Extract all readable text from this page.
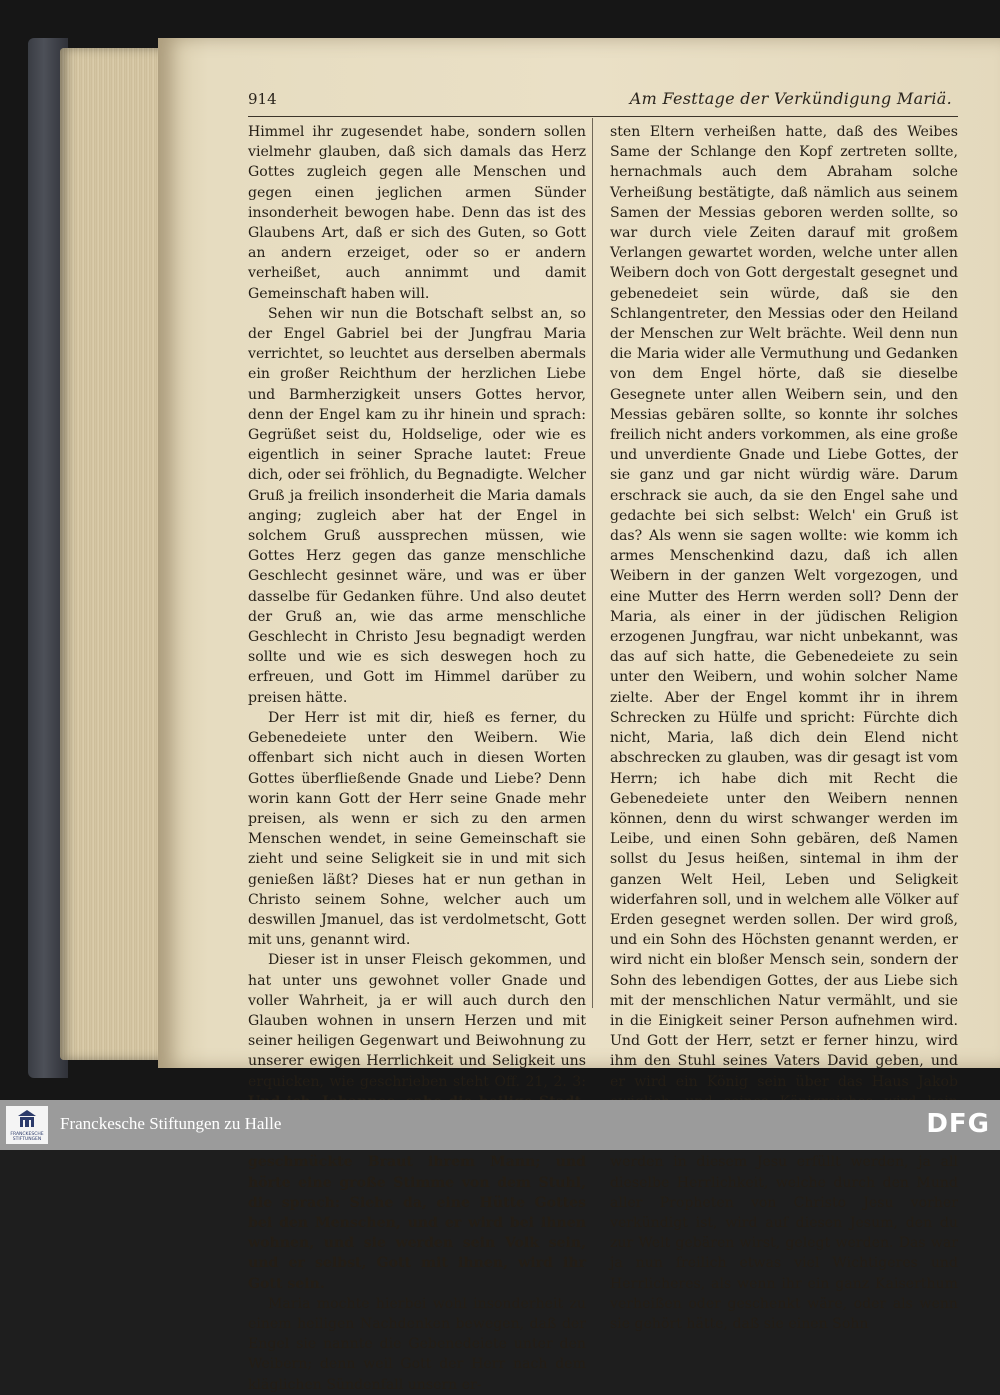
914	Am Festtage der Verkündigung Mariä.

Himmel ihr zugesendet habe, sondern sollen vielmehr glauben, daß sich damals das Herz Gottes zugleich gegen alle Menschen und gegen einen jeglichen armen Sünder insonderheit bewogen habe. Denn das ist des Glaubens Art, daß er sich des Guten, so Gott an andern erzeiget, oder so er andern verheißet, auch annimmt und damit Gemeinschaft haben will.

Sehen wir nun die Botschaft selbst an, so der Engel Gabriel bei der Jungfrau Maria verrichtet, so leuchtet aus derselben abermals ein großer Reichthum der herzlichen Liebe und Barmherzigkeit unsers Gottes hervor, denn der Engel kam zu ihr hinein und sprach: Gegrüßet seist du, Holdselige, oder wie es eigentlich in seiner Sprache lautet: Freue dich, oder sei fröhlich, du Begnadigte. Welcher Gruß ja freilich insonderheit die Maria damals anging; zugleich aber hat der Engel in solchem Gruß aussprechen müssen, wie Gottes Herz gegen das ganze menschliche Geschlecht gesinnet wäre, und was er über dasselbe für Gedanken führe. Und also deutet der Gruß an, wie das arme menschliche Geschlecht in Christo Jesu begnadigt werden sollte und wie es sich deswegen hoch zu erfreuen, und Gott im Himmel darüber zu preisen hätte.

Der Herr ist mit dir, hieß es ferner, du Gebenedeiete unter den Weibern. Wie offenbart sich nicht auch in diesen Worten Gottes überfließende Gnade und Liebe? Denn worin kann Gott der Herr seine Gnade mehr preisen, als wenn er sich zu den armen Menschen wendet, in seine Gemeinschaft sie zieht und seine Seligkeit sie in und mit sich genießen läßt? Dieses hat er nun gethan in Christo seinem Sohne, welcher auch um deswillen Jmanuel, das ist verdolmetscht, Gott mit uns, genannt wird.

Dieser ist in unser Fleisch gekommen, und hat unter uns gewohnet voller Gnade und voller Wahrheit, ja er will auch durch den Glauben wohnen in unsern Herzen und mit seiner heiligen Gegenwart und Beiwohnung zu unserer ewigen Herrlichkeit und Seligkeit uns erquicken, wie geschrieben steht Off. 21, 2. 3: geschmückte Braut ihrem Mann; und hörte eine große Stimme von dem Stuhl, die sprach: Siehe da, eine Hütte Gottes bei den Menschen, und er wird bei ihnen wohnen, und sie werden sein Volk sein, und er selbst, Gott mit ihnen, wird ihr Gott sein.

Maria mochte hierbei wohl insonderheit zu einem heiligen Nachdenken bewegen, daß der Engel sie nannte die Gebenedeiete unter den Weibern; denn weil Gott der Herr nach dem kläglichen Sündenfall unsern er-

sten Eltern verheißen hatte, daß des Weibes Same der Schlange den Kopf zertreten sollte, hernachmals auch dem Abraham solche Verheißung bestätigte, daß nämlich aus seinem Samen der Messias geboren werden sollte, so war durch viele Zeiten darauf mit großem Verlangen gewartet worden, welche unter allen Weibern doch von Gott dergestalt gesegnet und gebenedeiet sein würde, daß sie den Schlangentreter, den Messias oder den Heiland der Menschen zur Welt brächte. Weil denn nun die Maria wider alle Vermuthung und Gedanken von dem Engel hörte, daß sie dieselbe Gesegnete unter allen Weibern sein, und den Messias gebären sollte, so konnte ihr solches freilich nicht anders vorkommen, als eine große und unverdiente Gnade und Liebe Gottes, der sie ganz und gar nicht würdig wäre. Darum erschrack sie auch, da sie den Engel sahe und gedachte bei sich selbst: Welch' ein Gruß ist das? Als wenn sie sagen wollte: wie komm ich armes Menschenkind dazu, daß ich allen Weibern in der ganzen Welt vorgezogen, und eine Mutter des Herrn werden soll? Denn der Maria, als einer in der jüdischen Religion erzogenen Jungfrau, war nicht unbekannt, was das auf sich hatte, die Gebenedeiete zu sein unter den Weibern, und wohin solcher Name zielte. Aber der Engel kommt ihr in ihrem Schrecken zu Hülfe und spricht: Fürchte dich nicht, Maria, laß dich dein Elend nicht abschrecken zu glauben, was dir gesagt ist vom Herrn; ich habe dich mit Recht die Gebenedeiete unter den Weibern nennen können, denn du wirst schwanger werden im Leibe, und einen Sohn gebären, deß Namen sollst du Jesus heißen, sintemal in ihm der ganzen Welt Heil, Leben und Seligkeit widerfahren soll, und in welchem alle Völker auf Erden gesegnet werden sollen. Der wird groß, und ein Sohn des Höchsten genannt werden, er wird nicht ein bloßer Mensch sein, sondern der Sohn des lebendigen Gottes, der aus Liebe sich mit der menschlichen Natur vermählt, und sie in die Einigkeit seiner Person aufnehmen wird. Und Gott der Herr, setzt er ferner hinzu, wird ihm den Stuhl seines Vaters David geben, und er wird ein König sein über das Haus Jakob werden in diesem Jesu erfüllt werden, ja all dieselbe Herrlichkeit, welche durch den Mund aller Propheten von Christo Jesu vorher verkündigt ist, wird auf diesen Jesum, den du zur Welt gebären wirst, gelegt werden. Das war ja nun freilich etwas viel Wichtigeres und Herrlicheres, als wenn ihr ein ganz Kaiserthum verheißen oder geschenkt wäre, oder als wenn sie gehört hätte, daß sie einen Sohn

FRANCKESCHE STIFTUNGEN
Franckesche Stiftungen zu Halle	DFG
